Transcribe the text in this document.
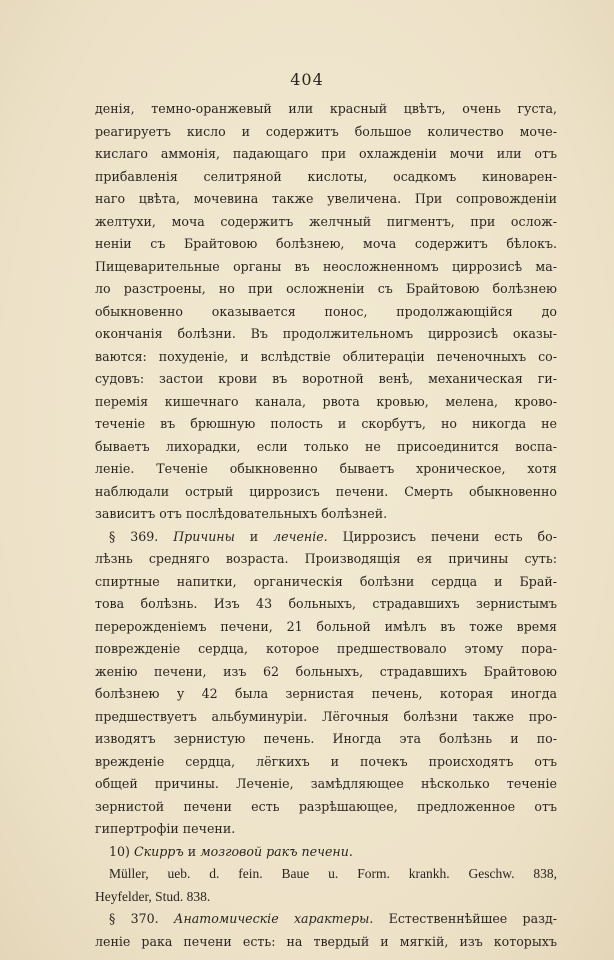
404
денія, темно-оранжевый или красный цвѣтъ, очень густа,
реагируетъ кисло и содержитъ большое количество моче-
кислаго аммонія, падающаго при охлажденіи мочи или отъ
прибавленія селитряной кислоты, осадкомъ киноварен-
наго цвѣта, мочевина также увеличена. При сопровожденіи
желтухи, моча содержитъ желчный пигментъ, при ослож-
неніи съ Брайтовою болѣзнею, моча содержитъ бѣлокъ.
Пищеварительные органы въ неосложненномъ циррозисѣ ма-
ло разстроены, но при осложненіи съ Брайтовою болѣзнею
обыкновенно оказывается понос, продолжающійся до
окончанія болѣзни. Въ продолжительномъ циррозисѣ оказы-
ваются: похуденіе, и вслѣдствіе облитераціи печеночныхъ со-
судовъ: застои крови въ воротной венѣ, механическая ги-
перемія кишечнаго канала, рвота кровью, мелена, крово-
теченіе въ брюшную полость и скорбутъ, но никогда не
бываетъ лихорадки, если только не присоединится воспа-
леніе. Теченіе обыкновенно бываетъ хроническое, хотя
наблюдали острый циррозисъ печени. Смерть обыкновенно
зависитъ отъ послѣдовательныхъ болѣзней.
§ 369. Причины и леченіе. Циррозисъ печени есть бо-
лѣзнь средняго возраста. Производящія ея причины суть:
спиртные напитки, органическія болѣзни сердца и Брай-
това болѣзнь. Изъ 43 больныхъ, страдавшихъ зернистымъ
перерожденіемъ печени, 21 больной имѣлъ въ тоже время
поврежденіе сердца, которое предшествовало этому пора-
женію печени, изъ 62 больныхъ, страдавшихъ Брайтовою
болѣзнею у 42 была зернистая печень, которая иногда
предшествуетъ альбуминуріи. Лёгочныя болѣзни также про-
изводятъ зернистую печень. Иногда эта болѣзнь и по-
врежденіе сердца, лёгкихъ и почекъ происходятъ отъ
общей причины. Леченіе, замѣдляющее нѣсколько теченіе
зернистой печени есть разрѣшающее, предложенное отъ
гипертрофіи печени.
10) Скирръ и мозговой ракъ печени.
Müller, ueb. d. fein. Baue u. Form. krankh. Geschw. 838,
Heyfelder, Stud. 838.
§ 370. Анатомическіе характеры. Естественнѣйшее разд-
леніе рака печени есть: на твердый и мягкій, изъ которыхъ
